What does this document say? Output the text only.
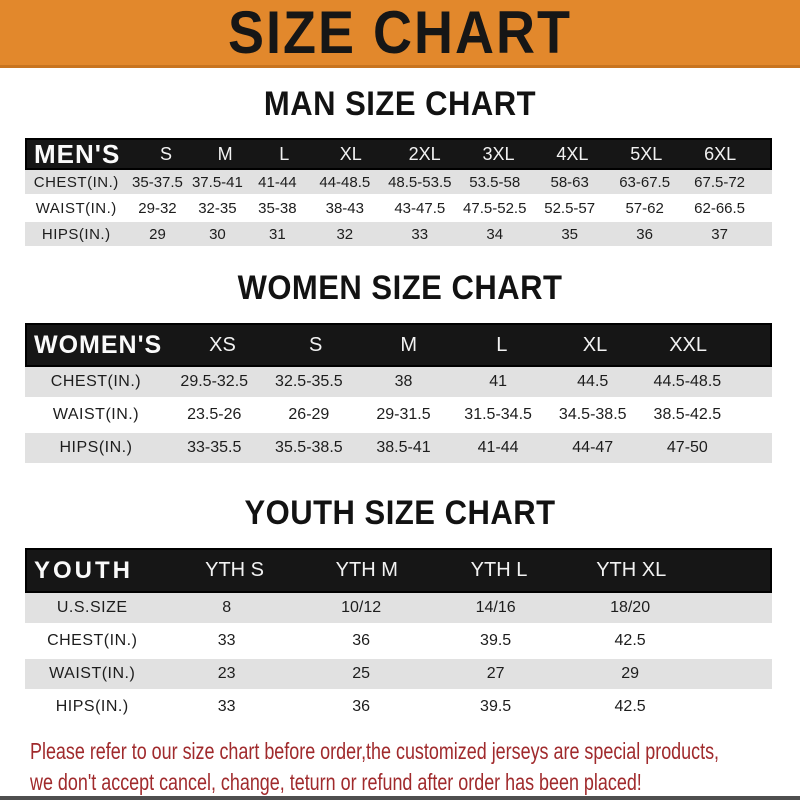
SIZE CHART
MAN SIZE CHART
MEN'S	S	M	L	XL	2XL	3XL	4XL	5XL	6XL
CHEST(IN.) 35-37.5 37.5-41	41-44	44-48.5	48.5-53.5	53.5-58	58-63	63-67.5	67.5-72
WAIST(IN.)	29-32	32-35	35-38	38-43	43-47.5	47.5-52.5	52.5-57	57-62	62-66.5
HIPS(IN.)	29	30	31	32	33	34	35	36	37
WOMEN SIZE CHART
WOMEN'S	XS	S	M	L	XL	XXL
CHEST(IN.)	29.5-32.5	32.5-35.5	38	41	44.5	44.5-48.5
WAIST(IN.)	23.5-26	26-29	29-31.5	31.5-34.5	34.5-38.5	38.5-42.5
HIPS(IN.)	33-35.5	35.5-38.5	38.5-41	41-44	44-47	47-50
YOUTH SIZE CHART
YOUTH	YTH S	YTH M	YTH L	YTH XL
U.S.SIZE	8	10/12	14/16	18/20
CHEST(IN.)	33	36	39.5	42.5
WAIST(IN.)	23	25	27	29
HIPS(IN.)	33	36	39.5	42.5

Please refer to our size chart before order,the customized jerseys are special products,

we don't accept cancel, change, teturn or refund after order has been placed!
